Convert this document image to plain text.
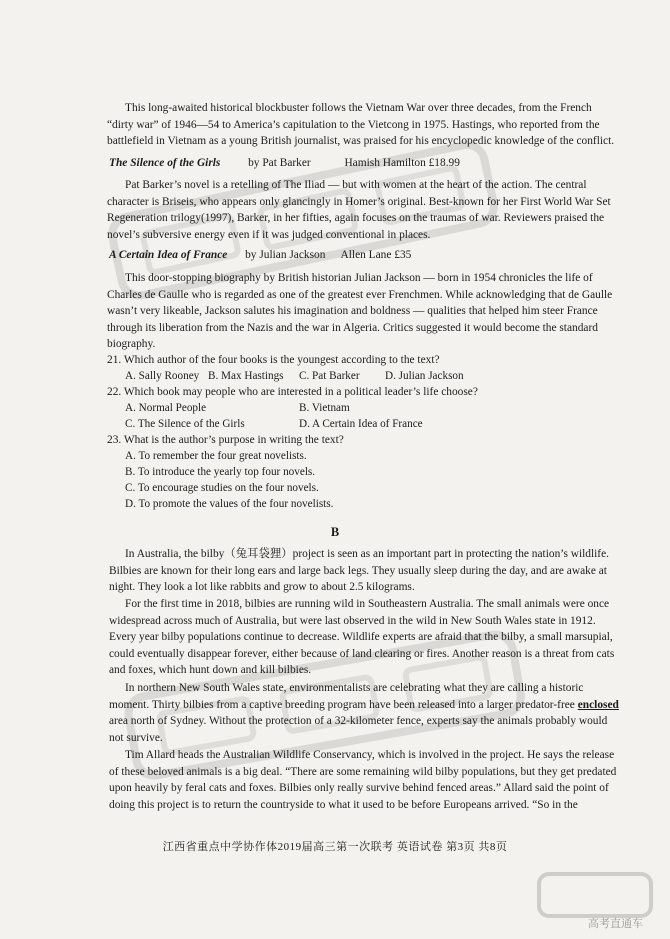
This long-awaited historical blockbuster follows the Vietnam War over three decades, from the French
“dirty war” of 1946—54 to America’s capitulation to the Vietcong in 1975. Hastings, who reported from the
battlefield in Vietnam as a young British journalist, was praised for his encyclopedic knowledge of the conflict.
The Silence of the Girls by Pat Barker	Hamish Hamilton £18.99
Pat Barker’s novel is a retelling of The Iliad — but with women at the heart of the action. The central
character is Briseis, who appears only glancingly in Homer’s original. Best-known for her First World War Set
Regeneration trilogy(1997), Barker, in her fifties, again focuses on the traumas of war. Reviewers praised the
novel’s subversive energy even if it was judged conventional in places.
A Certain Idea of France by Julian Jackson Allen Lane £35
This door-stopping biography by British historian Julian Jackson — born in 1954 chronicles the life of
Charles de Gaulle who is regarded as one of the greatest ever Frenchmen. While acknowledging that de Gaulle
wasn’t very likeable, Jackson salutes his imagination and boldness — qualities that helped him steer France
through its liberation from the Nazis and the war in Algeria. Critics suggested it would become the standard
biography.
21. Which author of the four books is the youngest according to the text?
A. Sally Rooney B. Max Hastings C. Pat Barker D. Julian Jackson
22. Which book may people who are interested in a political leader’s life choose?
A. Normal People	B. Vietnam
C. The Silence of the Girls	D. A Certain Idea of France
23. What is the author’s purpose in writing the text?
A. To remember the four great novelists.
B. To introduce the yearly top four novels.
C. To encourage studies on the four novels.
D. To promote the values of the four novelists.
B
In Australia, the bilby（兔耳袋狸）project is seen as an important part in protecting the nation’s wildlife.
Bilbies are known for their long ears and large back legs. They usually sleep during the day, and are awake at
night. They look a lot like rabbits and grow to about 2.5 kilograms.
For the first time in 2018, bilbies are running wild in Southeastern Australia. The small animals were once
widespread across much of Australia, but were last observed in the wild in New South Wales state in 1912.
Every year bilby populations continue to decrease. Wildlife experts are afraid that the bilby, a small marsupial,
could eventually disappear forever, either because of land clearing or fires. Another reason is a threat from cats
and foxes, which hunt down and kill bilbies.
In northern New South Wales state, environmentalists are celebrating what they are calling a historic
moment. Thirty bilbies from a captive breeding program have been released into a larger predator-free enclosed
area north of Sydney. Without the protection of a 32-kilometer fence, experts say the animals probably would
not survive.
Tim Allard heads the Australian Wildlife Conservancy, which is involved in the project. He says the release
of these beloved animals is a big deal. “There are some remaining wild bilby populations, but they get predated
upon heavily by feral cats and foxes. Bilbies only really survive behind fenced areas.” Allard said the point of
doing this project is to return the countryside to what it used to be before Europeans arrived. “So in the
江西省重点中学协作体2019届高三第一次联考 英语试卷 第3页 共8页
高考直通车
